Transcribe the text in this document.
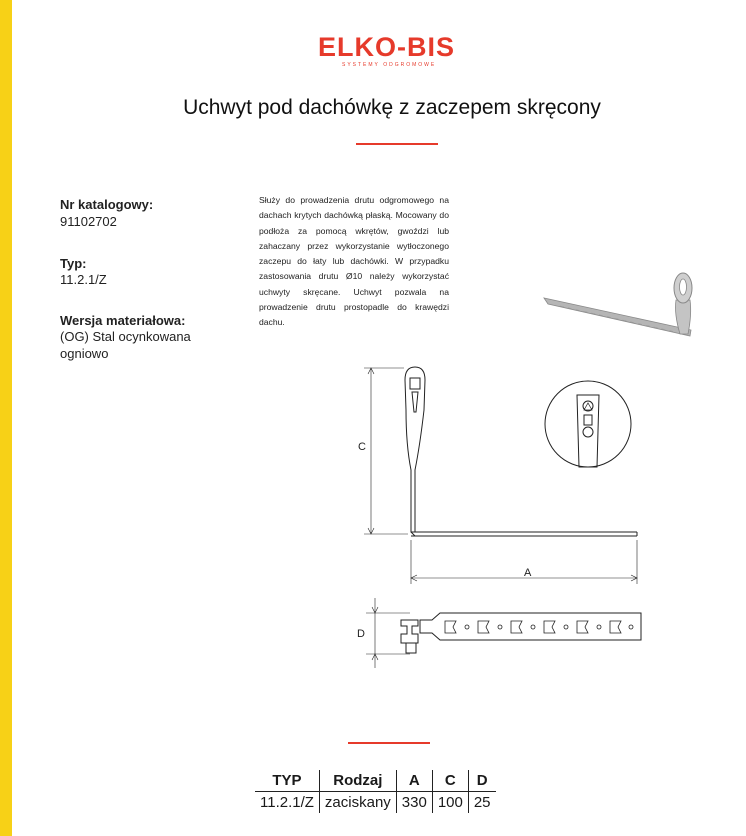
ELKO-BIS
SYSTEMY ODGROMOWE
Uchwyt pod dachówkę z zaczepem skręcony
Nr katalogowy:
91102702
Typ:
11.2.1/Z
Wersja materiałowa:
(OG) Stal ocynkowana ogniowo
Służy do prowadzenia drutu odgromowego na dachach krytych dachówką płaską. Mocowany do podłoża za pomocą wkrętów, gwoździ lub zahaczany przez wykorzystanie wytłoczonego zaczepu do łaty lub dachówki. W przypadku zastosowania drutu Ø10 należy wykorzystać uchwyty skręcane. Uchwyt pozwala na prowadzenie drutu prostopadle do krawędzi dachu.
C
A
D
TYP	Rodzaj	A	C	D
11.2.1/Z	zaciskany	330	100	25
